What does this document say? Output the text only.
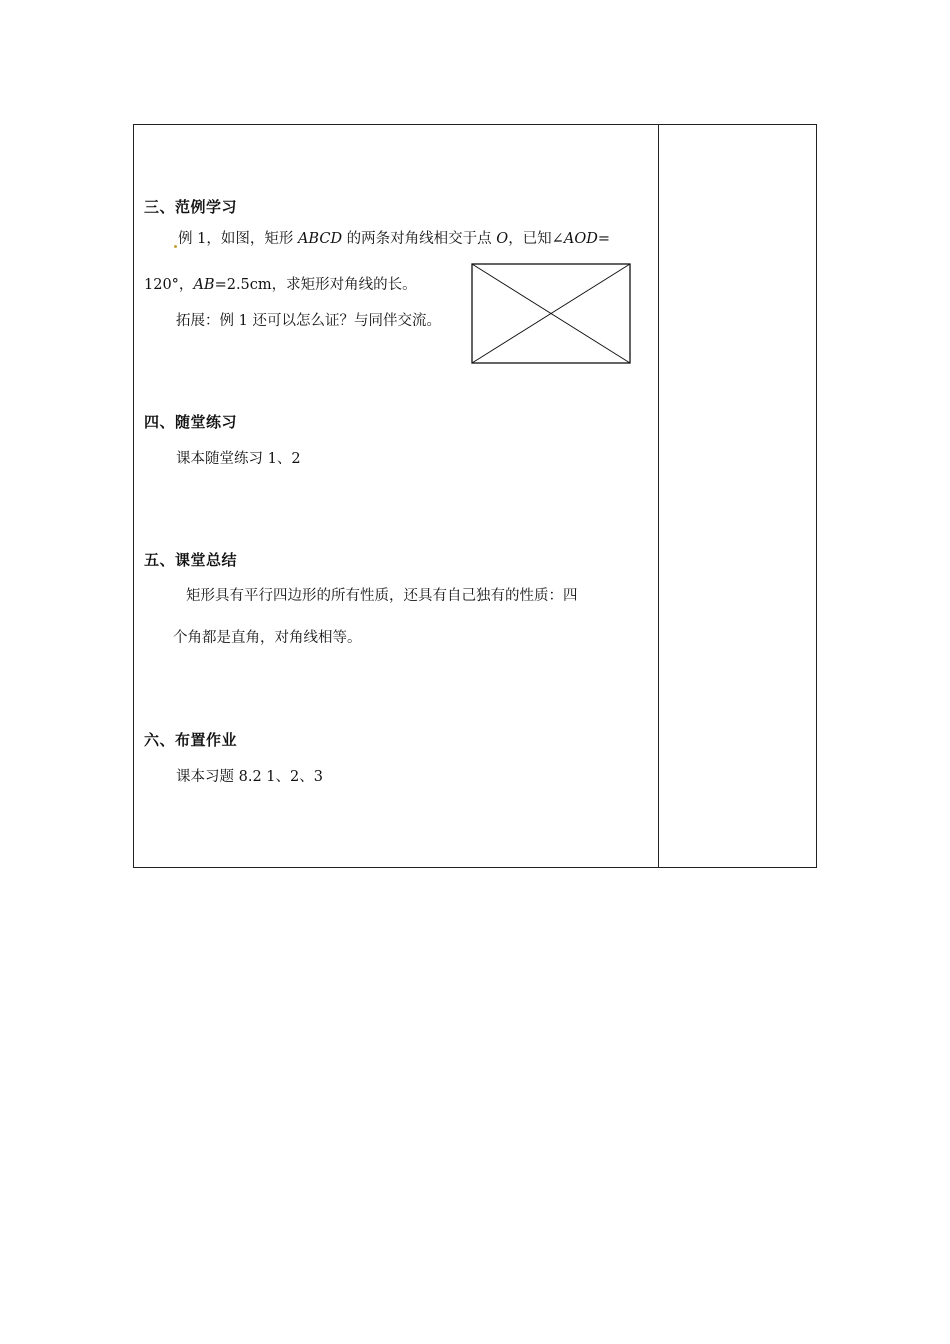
三、范例学习
例 1，如图，矩形 ABCD 的两条对角线相交于点 O，已知∠AOD=
120°，AB=2.5cm，求矩形对角线的长。
拓展：例 1 还可以怎么证？与同伴交流。
四、随堂练习
课本随堂练习 1、2
五、课堂总结
矩形具有平行四边形的所有性质，还具有自己独有的性质：四
个角都是直角，对角线相等。
六、布置作业
课本习题 8.2 1、2、3
